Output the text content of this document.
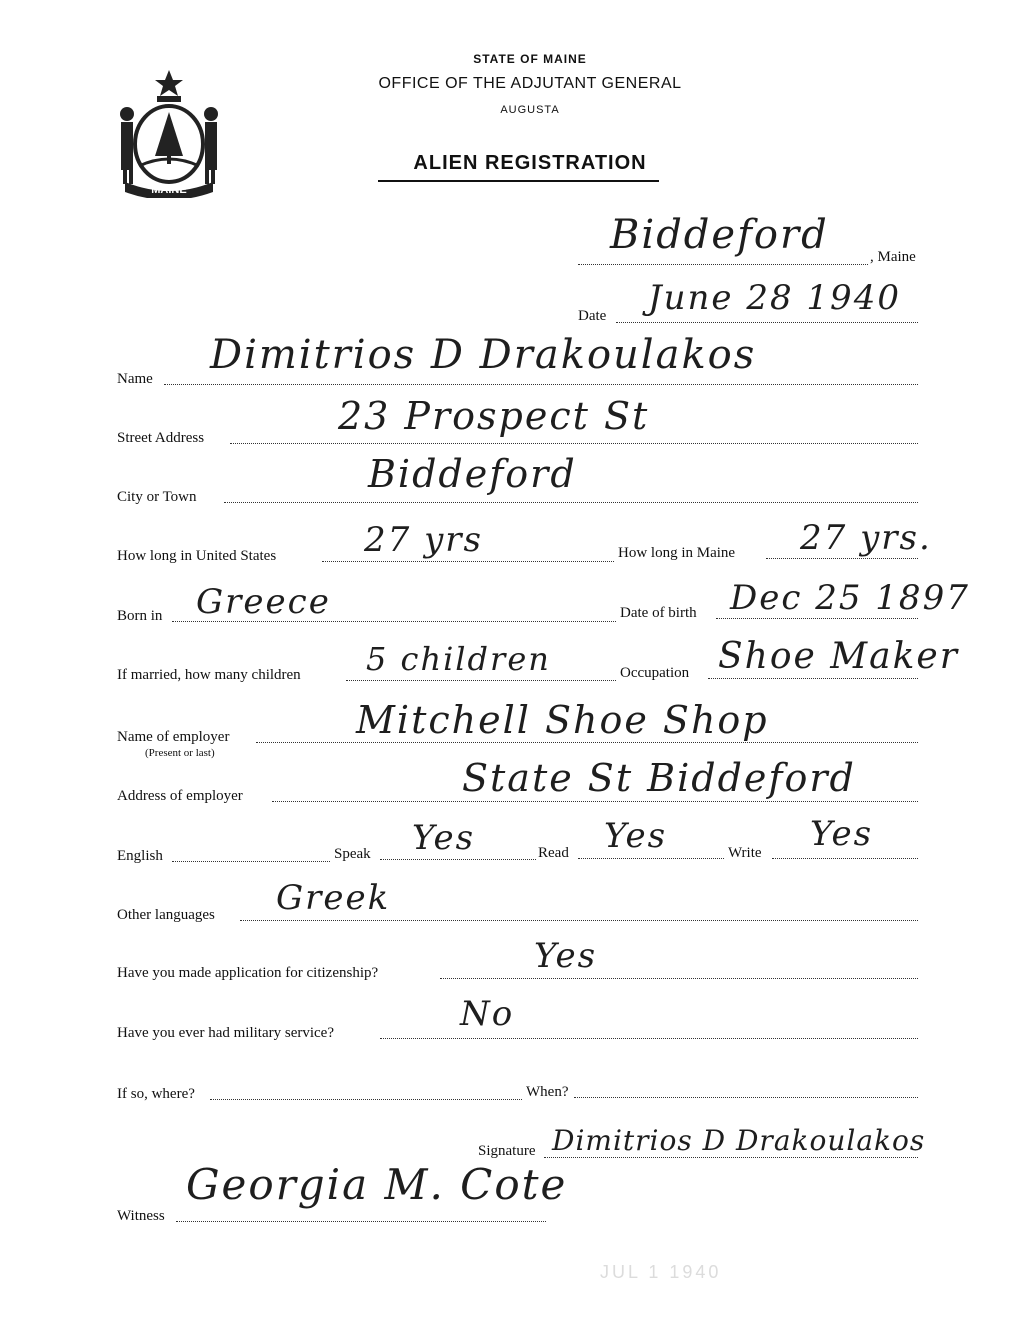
MAINE
STATE OF MAINE
OFFICE OF THE ADJUTANT GENERAL
AUGUSTA
ALIEN REGISTRATION
Biddeford	, Maine
Date June 28 1940
Name
Dimitrios D Drakoulakos
Street Address	23 Prospect St
City or Town
Biddeford
How long in United States	27 yrs	How long in Maine 27 yrs.
Born in Greece	Date of birth Dec 25 1897
If married, how many children 5 children	Occupation Shoe Maker
Name of employer
(Present or last)
Mitchell Shoe Shop
Address of employer	State St Biddeford
English	Speak Yes	Read Yes	Write Yes
Other languages Greek
Have you made application for citizenship?	Yes
Have you ever had military service?	No
If so, where?	When?
Signature Dimitrios D Drakoulakos
Witness
Georgia M. Cote
JUL 1 1940
